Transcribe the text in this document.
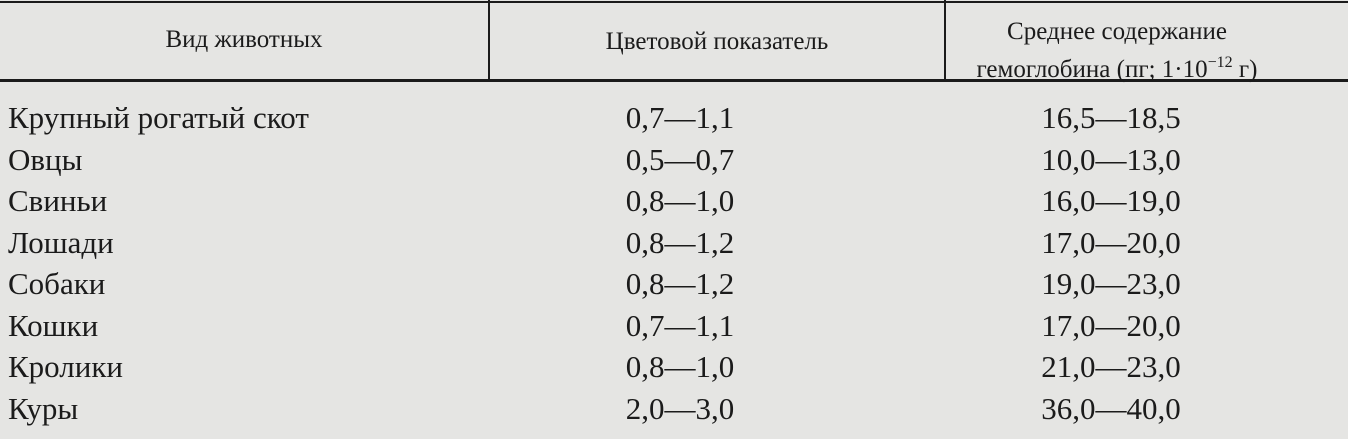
Вид животных	Цветовой показатель	Среднее содержание
гемоглобина (пг; $1\cdot 10^{-12}$ г)
Крупный рогатый скот	0,7—1,1	16,5—18,5
Овцы	0,5—0,7	10,0—13,0
Свиньи	0,8—1,0	16,0—19,0
Лошади	0,8—1,2	17,0—20,0
Собаки	0,8—1,2	19,0—23,0
Кошки	0,7—1,1	17,0—20,0
Кролики	0,8—1,0	21,0—23,0
Куры	2,0—3,0	36,0—40,0
